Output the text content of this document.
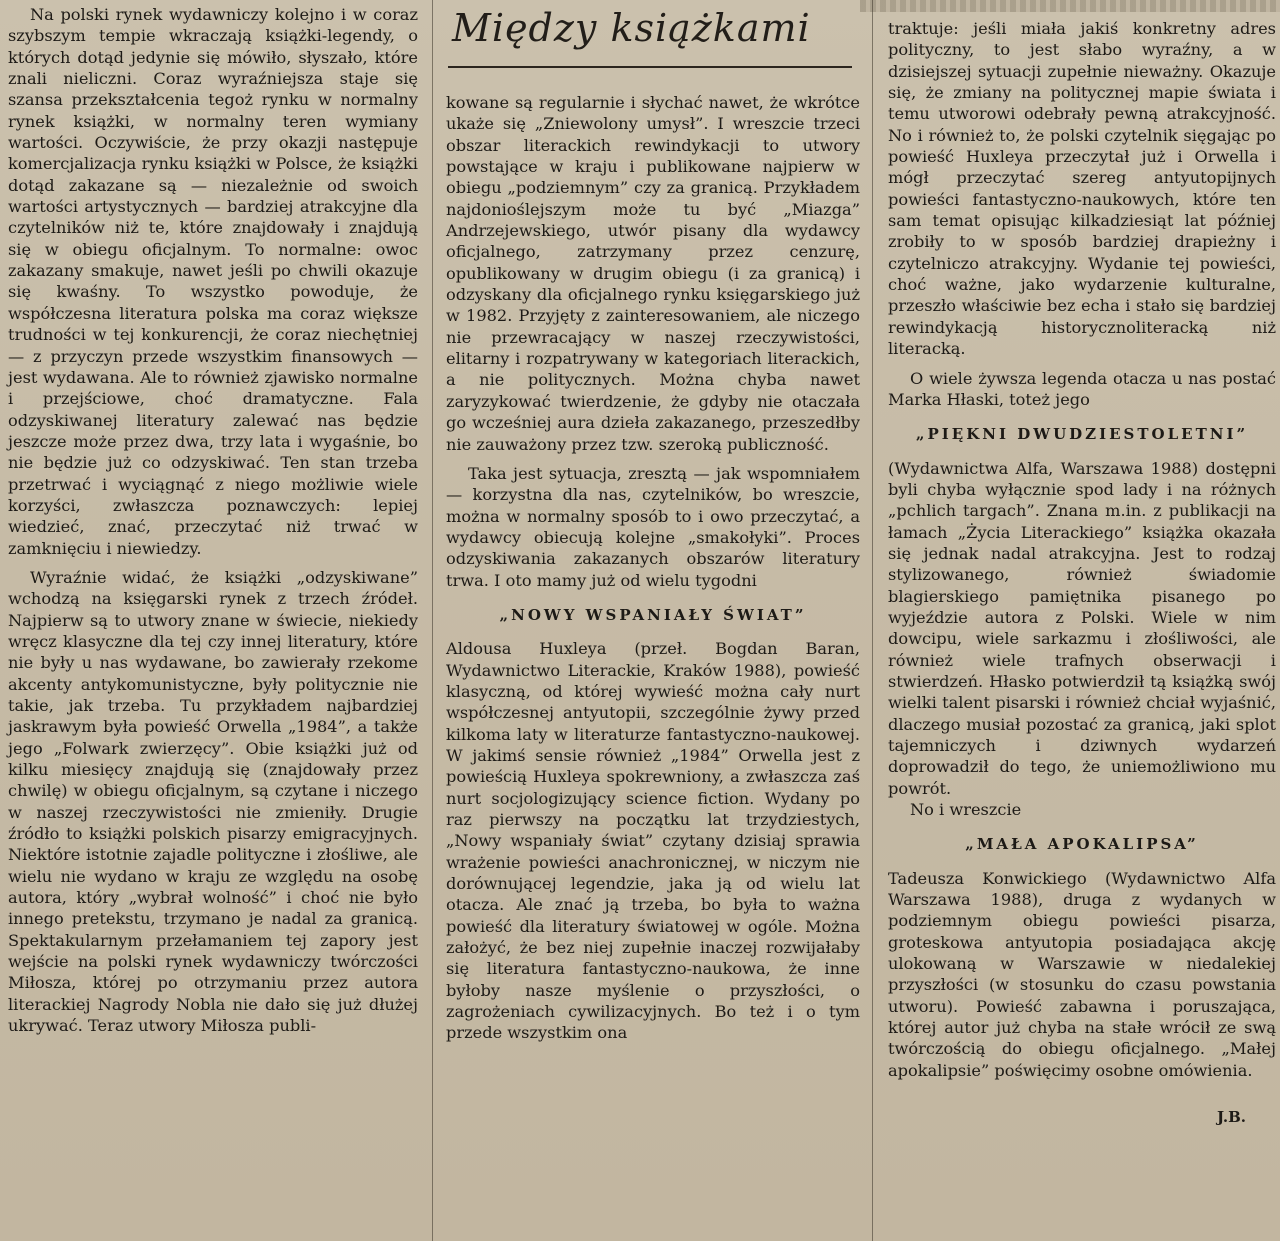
Na polski rynek wydawniczy kolejno i w coraz szybszym tempie wkraczają książki-legendy, o których dotąd jedynie się mówiło, słyszało, które znali nieliczni. Coraz wyraźniejsza staje się szansa przekształcenia tegoż rynku w normalny rynek książki, w normalny teren wymiany wartości. Oczywiście, że przy okazji następuje komercjalizacja rynku książki w Polsce, że książki dotąd zakazane są — niezależnie od swoich wartości artystycznych — bardziej atrakcyjne dla czytelników niż te, które znajdowały i znajdują się w obiegu oficjalnym. To normalne: owoc zakazany smakuje, nawet jeśli po chwili okazuje się kwaśny. To wszystko powoduje, że współczesna literatura polska ma coraz większe trudności w tej konkurencji, że coraz niechętniej — z przyczyn przede wszystkim finansowych — jest wydawana. Ale to również zjawisko normalne i przejściowe, choć dramatyczne. Fala odzyskiwanej literatury zalewać nas będzie jeszcze może przez dwa, trzy lata i wygaśnie, bo nie będzie już co odzyskiwać. Ten stan trzeba przetrwać i wyciągnąć z niego możliwie wiele korzyści, zwłaszcza poznawczych: lepiej wiedzieć, znać, przeczytać niż trwać w zamknięciu i niewiedzy.

Wyraźnie widać, że książki „odzyskiwane” wchodzą na księgarski rynek z trzech źródeł. Najpierw są to utwory znane w świecie, niekiedy wręcz klasyczne dla tej czy innej literatury, które nie były u nas wydawane, bo zawierały rzekome akcenty antykomunistyczne, były politycznie nie takie, jak trzeba. Tu przykładem najbardziej jaskrawym była powieść Orwella „1984”, a także jego „Folwark zwierzęcy”. Obie książki już od kilku miesięcy znajdują się (znajdowały przez chwilę) w obiegu oficjalnym, są czytane i niczego w naszej rzeczywistości nie zmieniły. Drugie źródło to książki polskich pisarzy emigracyjnych. Niektóre istotnie zajadle polityczne i złośliwe, ale wielu nie wydano w kraju ze względu na osobę autora, który „wybrał wolność” i choć nie było innego pretekstu, trzymano je nadal za granicą. Spektakularnym przełamaniem tej zapory jest wejście na polski rynek wydawniczy twórczości Miłosza, której po otrzymaniu przez autora literackiej Nagrody Nobla nie dało się już dłużej ukrywać. Teraz utwory Miłosza publi-

Między książkami

kowane są regularnie i słychać nawet, że wkrótce ukaże się „Zniewolony umysł”. I wreszcie trzeci obszar literackich rewindykacji to utwory powstające w kraju i publikowane najpierw w obiegu „podziemnym” czy za granicą. Przykładem najdonioślejszym może tu być „Miazga” Andrzejewskiego, utwór pisany dla wydawcy oficjalnego, zatrzymany przez cenzurę, opublikowany w drugim obiegu (i za granicą) i odzyskany dla oficjalnego rynku księgarskiego już w 1982. Przyjęty z zainteresowaniem, ale niczego nie przewracający w naszej rzeczywistości, elitarny i rozpatrywany w kategoriach literackich, a nie politycznych. Można chyba nawet zaryzykować twierdzenie, że gdyby nie otaczała go wcześniej aura dzieła zakazanego, przeszedłby nie zauważony przez tzw. szeroką publiczność.

Taka jest sytuacja, zresztą — jak wspomniałem — korzystna dla nas, czytelników, bo wreszcie, można w normalny sposób to i owo przeczytać, a wydawcy obiecują kolejne „smakołyki”. Proces odzyskiwania zakazanych obszarów literatury trwa. I oto mamy już od wielu tygodni

„NOWY WSPANIAŁY ŚWIAT”

Aldousa Huxleya (przeł. Bogdan Baran, Wydawnictwo Literackie, Kraków 1988), powieść klasyczną, od której wywieść można cały nurt współczesnej antyutopii, szczególnie żywy przed kilkoma laty w literaturze fantastyczno-naukowej. W jakimś sensie również „1984” Orwella jest z powieścią Huxleya spokrewniony, a zwłaszcza zaś nurt socjologizujący science fiction. Wydany po raz pierwszy na początku lat trzydziestych, „Nowy wspaniały świat” czytany dzisiaj sprawia wrażenie powieści anachronicznej, w niczym nie dorównującej legendzie, jaka ją od wielu lat otacza. Ale znać ją trzeba, bo była to ważna powieść dla literatury światowej w ogóle. Można założyć, że bez niej zupełnie inaczej rozwijałaby się literatura fantastyczno-naukowa, że inne byłoby nasze myślenie o przyszłości, o zagrożeniach cywilizacyjnych. Bo też i o tym przede wszystkim ona

traktuje: jeśli miała jakiś konkretny adres polityczny, to jest słabo wyraźny, a w dzisiejszej sytuacji zupełnie nieważny. Okazuje się, że zmiany na politycznej mapie świata i temu utworowi odebrały pewną atrakcyjność. No i również to, że polski czytelnik sięgając po powieść Huxleya przeczytał już i Orwella i mógł przeczytać szereg antyutopijnych powieści fantastyczno-naukowych, które ten sam temat opisując kilkadziesiąt lat później zrobiły to w sposób bardziej drapieżny i czytelniczo atrakcyjny. Wydanie tej powieści, choć ważne, jako wydarzenie kulturalne, przeszło właściwie bez echa i stało się bardziej rewindykacją historycznoliteracką niż literacką.

O wiele żywsza legenda otacza u nas postać Marka Hłaski, toteż jego

„PIĘKNI DWUDZIESTOLETNI”

(Wydawnictwa Alfa, Warszawa 1988) dostępni byli chyba wyłącznie spod lady i na różnych „pchlich targach”. Znana m.in. z publikacji na łamach „Życia Literackiego” książka okazała się jednak nadal atrakcyjna. Jest to rodzaj stylizowanego, również świadomie blagierskiego pamiętnika pisanego po wyjeździe autora z Polski. Wiele w nim dowcipu, wiele sarkazmu i złośliwości, ale również wiele trafnych obserwacji i stwierdzeń. Hłasko potwierdził tą książką swój wielki talent pisarski i również chciał wyjaśnić, dlaczego musiał pozostać za granicą, jaki splot tajemniczych i dziwnych wydarzeń doprowadził do tego, że uniemożliwiono mu powrót.

No i wreszcie

„MAŁA APOKALIPSA”

Tadeusza Konwickiego (Wydawnictwo Alfa Warszawa 1988), druga z wydanych w podziemnym obiegu powieści pisarza, groteskowa antyutopia posiadająca akcję ulokowaną w Warszawie w niedalekiej przyszłości (w stosunku do czasu powstania utworu). Powieść zabawna i poruszająca, której autor już chyba na stałe wrócił ze swą twórczością do obiegu oficjalnego. „Małej apokalipsie” poświęcimy osobne omówienia.

J.B.
